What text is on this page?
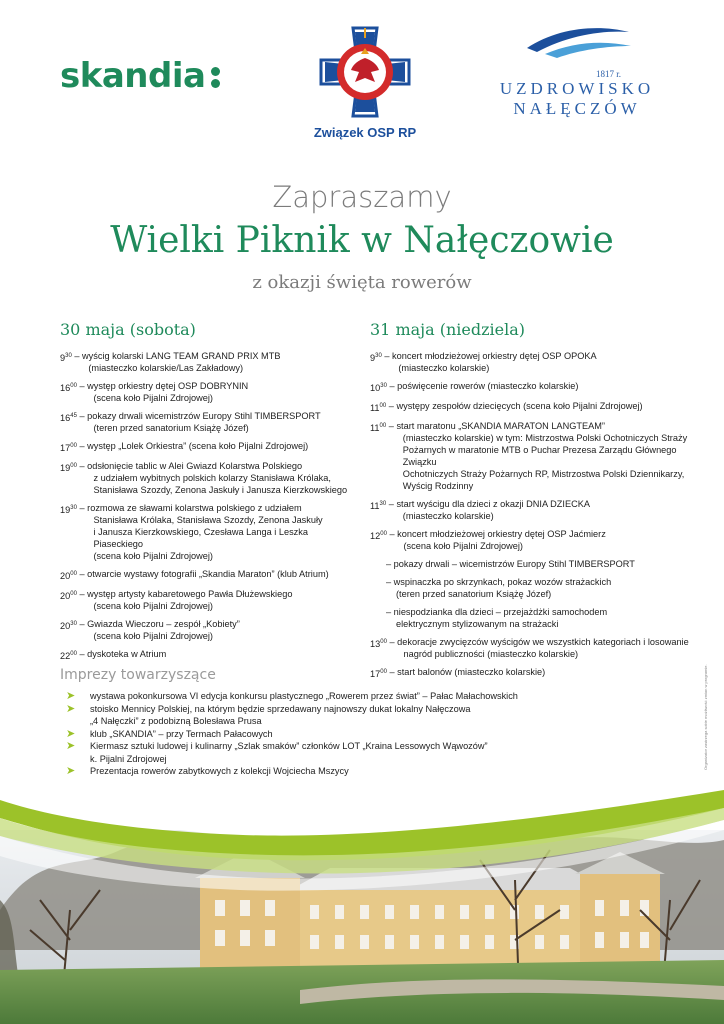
skandia
Związek OSP RP
1817 r.
UZDROWISKO
NAŁĘCZÓW
Zapraszamy
Wielki Piknik w Nałęczowie
z okazji święta rowerów
30 maja (sobota)
$9^{30}$ – wyścig kolarski LANG TEAM GRAND PRIX MTB
(miasteczko kolarskie/Las Zakładowy)
$16^{00}$ – występ orkiestry dętej OSP DOBRYNIN
(scena koło Pijalni Zdrojowej)
$16^{45}$ – pokazy drwali wicemistrzów Europy Stihl TIMBERSPORT
(teren przed sanatorium Książę Józef)
$17^{00}$ – występ „Lolek Orkiestra” (scena koło Pijalni Zdrojowej)
$19^{00}$ – odsłonięcie tablic w Alei Gwiazd Kolarstwa Polskiego
z udziałem wybitnych polskich kolarzy Stanisława Królaka,
Stanisława Szozdy, Zenona Jaskuły i Janusza Kierzkowskiego
$19^{30}$ – rozmowa ze sławami kolarstwa polskiego z udziałem
Stanisława Królaka, Stanisława Szozdy, Zenona Jaskuły
i Janusza Kierzkowskiego, Czesława Langa i Leszka Piaseckiego
(scena koło Pijalni Zdrojowej)
$20^{00}$ – otwarcie wystawy fotografii „Skandia Maraton” (klub Atrium)
$20^{00}$ – występ artysty kabaretowego Pawła Dłużewskiego
(scena koło Pijalni Zdrojowej)
$20^{30}$ – Gwiazda Wieczoru – zespół „Kobiety”
(scena koło Pijalni Zdrojowej)
$22^{00}$ – dyskoteka w Atrium
31 maja (niedziela)
$9^{30}$ – koncert młodzieżowej orkiestry dętej OSP OPOKA
(miasteczko kolarskie)
$10^{30}$ – poświęcenie rowerów (miasteczko kolarskie)
$11^{00}$ – występy zespołów dziecięcych (scena koło Pijalni Zdrojowej)
$11^{00}$ – start maratonu „SKANDIA MARATON LANGTEAM”
(miasteczko kolarskie) w tym: Mistrzostwa Polski Ochotniczych Straży
Pożarnych w maratonie MTB o Puchar Prezesa Zarządu Głównego Związku
Ochotniczych Straży Pożarnych RP, Mistrzostwa Polski Dziennikarzy,
Wyścig Rodzinny
$11^{30}$ – start wyścigu dla dzieci z okazji DNIA DZIECKA
(miasteczko kolarskie)
$12^{00}$ – koncert młodzieżowej orkiestry dętej OSP Jaćmierz
(scena koło Pijalni Zdrojowej)
– pokazy drwali – wicemistrzów Europy Stihl TIMBERSPORT
– wspinaczka po skrzynkach, pokaz wozów strażackich
(teren przed sanatorium Książę Józef)
– niespodzianka dla dzieci – przejażdżki samochodem
elektrycznym stylizowanym na strażacki
$13^{00}$ – dekoracje zwycięzców wyścigów we wszystkich kategoriach i losowanie
nagród publiczności (miasteczko kolarskie)
$17^{00}$ – start balonów (miasteczko kolarskie)	Organizator zastrzega sobie możliwość zmian w programie.
Imprezy towarzyszące
➤	wystawa pokonkursowa VI edycja konkursu plastycznego „Rowerem przez świat” – Pałac Małachowskich
➤	stoisko Mennicy Polskiej, na którym będzie sprzedawany najnowszy dukat lokalny Nałęczowa
„4 Nałęczki” z podobizną Bolesława Prusa
➤	klub „SKANDIA” – przy Termach Pałacowych
➤	Kiermasz sztuki ludowej i kulinarny „Szlak smaków” członków LOT „Kraina Lessowych Wąwozów”
k. Pijalni Zdrojowej
➤	Prezentacja rowerów zabytkowych z kolekcji Wojciecha Mszycy
